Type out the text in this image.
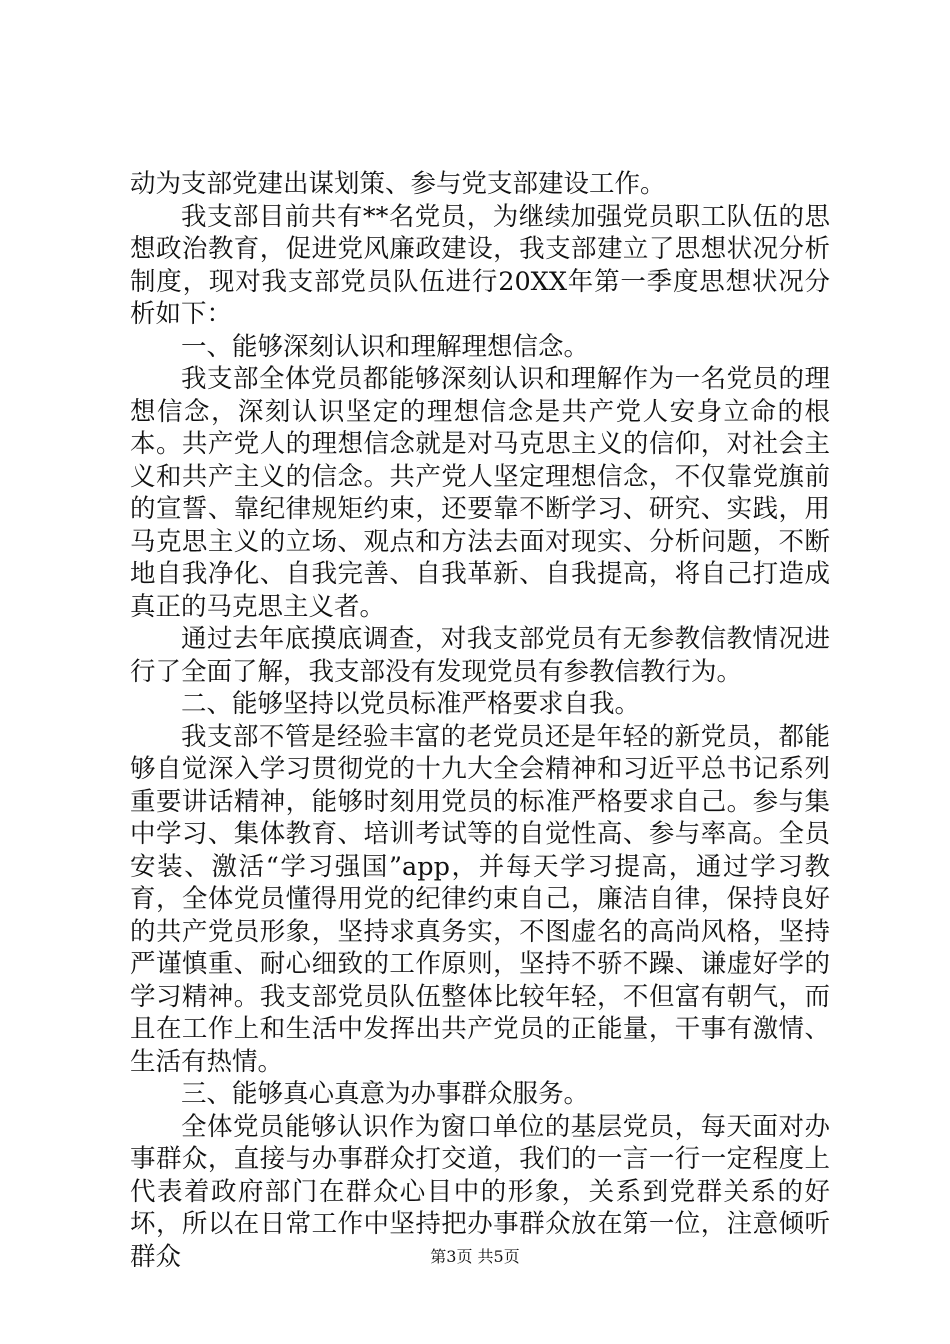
动为支部党建出谋划策、参与党支部建设工作。

我支部目前共有**名党员，为继续加强党员职工队伍的思想政治教育，促进党风廉政建设，我支部建立了思想状况分析制度，现对我支部党员队伍进行20XX年第一季度思想状况分析如下：

一、能够深刻认识和理解理想信念。

我支部全体党员都能够深刻认识和理解作为一名党员的理想信念，深刻认识坚定的理想信念是共产党人安身立命的根本。共产党人的理想信念就是对马克思主义的信仰，对社会主义和共产主义的信念。共产党人坚定理想信念，不仅靠党旗前的宣誓、靠纪律规矩约束，还要靠不断学习、研究、实践，用马克思主义的立场、观点和方法去面对现实、分析问题，不断地自我净化、自我完善、自我革新、自我提高，将自己打造成真正的马克思主义者。

通过去年底摸底调查，对我支部党员有无参教信教情况进行了全面了解，我支部没有发现党员有参教信教行为。

二、能够坚持以党员标准严格要求自我。

我支部不管是经验丰富的老党员还是年轻的新党员，都能够自觉深入学习贯彻党的十九大全会精神和习近平总书记系列重要讲话精神，能够时刻用党员的标准严格要求自己。参与集中学习、集体教育、培训考试等的自觉性高、参与率高。全员安装、激活“学习强国”app，并每天学习提高，通过学习教育，全体党员懂得用党的纪律约束自己，廉洁自律，保持良好的共产党员形象，坚持求真务实，不图虚名的高尚风格，坚持严谨慎重、耐心细致的工作原则，坚持不骄不躁、谦虚好学的学习精神。我支部党员队伍整体比较年轻，不但富有朝气，而且在工作上和生活中发挥出共产党员的正能量，干事有激情、生活有热情。

三、能够真心真意为办事群众服务。

全体党员能够认识作为窗口单位的基层党员，每天面对办事群众，直接与办事群众打交道，我们的一言一行一定程度上代表着政府部门在群众心目中的形象，关系到党群关系的好坏，所以在日常工作中坚持把办事群众放在第一位，注意倾听群众	第3页 共5页
